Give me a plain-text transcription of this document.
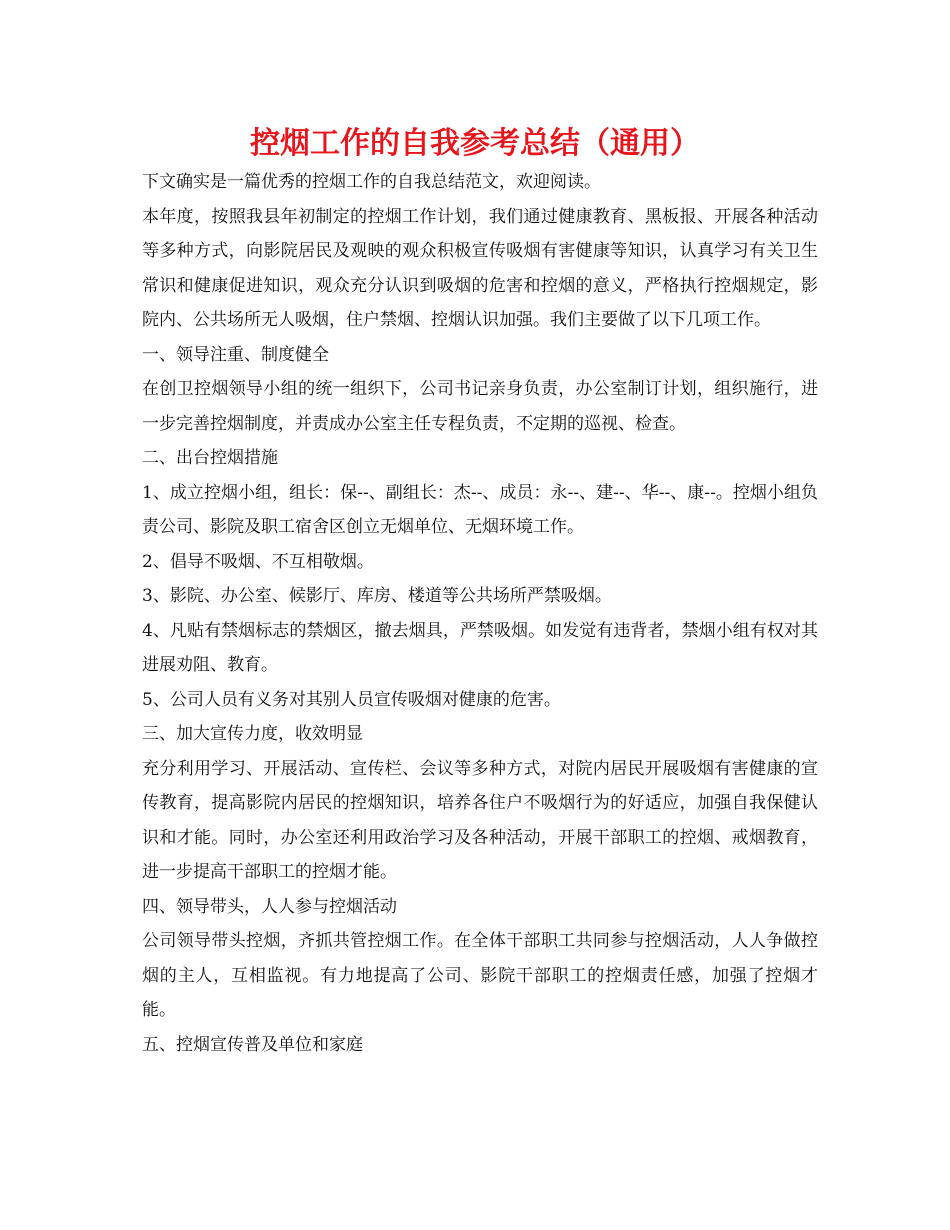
控烟工作的自我参考总结（通用）

下文确实是一篇优秀的控烟工作的自我总结范文，欢迎阅读。

本年度，按照我县年初制定的控烟工作计划，我们通过健康教育、黑板报、开展各种活动等多种方式，向影院居民及观映的观众积极宣传吸烟有害健康等知识，认真学习有关卫生常识和健康促进知识，观众充分认识到吸烟的危害和控烟的意义，严格执行控烟规定，影院内、公共场所无人吸烟，住户禁烟、控烟认识加强。我们主要做了以下几项工作。

一、领导注重、制度健全

在创卫控烟领导小组的统一组织下，公司书记亲身负责，办公室制订计划，组织施行，进一步完善控烟制度，并责成办公室主任专程负责，不定期的巡视、检查。

二、出台控烟措施

1、成立控烟小组，组长：保--、副组长：杰--、成员：永--、建--、华--、康--。控烟小组负责公司、影院及职工宿舍区创立无烟单位、无烟环境工作。

2、倡导不吸烟、不互相敬烟。

3、影院、办公室、候影厅、库房、楼道等公共场所严禁吸烟。

4、凡贴有禁烟标志的禁烟区，撤去烟具，严禁吸烟。如发觉有违背者，禁烟小组有权对其进展劝阻、教育。

5、公司人员有义务对其别人员宣传吸烟对健康的危害。

三、加大宣传力度，收效明显

充分利用学习、开展活动、宣传栏、会议等多种方式，对院内居民开展吸烟有害健康的宣传教育，提高影院内居民的控烟知识，培养各住户不吸烟行为的好适应，加强自我保健认识和才能。同时，办公室还利用政治学习及各种活动，开展干部职工的控烟、戒烟教育，进一步提高干部职工的控烟才能。

四、领导带头，人人参与控烟活动

公司领导带头控烟，齐抓共管控烟工作。在全体干部职工共同参与控烟活动，人人争做控烟的主人，互相监视。有力地提高了公司、影院干部职工的控烟责任感，加强了控烟才能。

五、控烟宣传普及单位和家庭
